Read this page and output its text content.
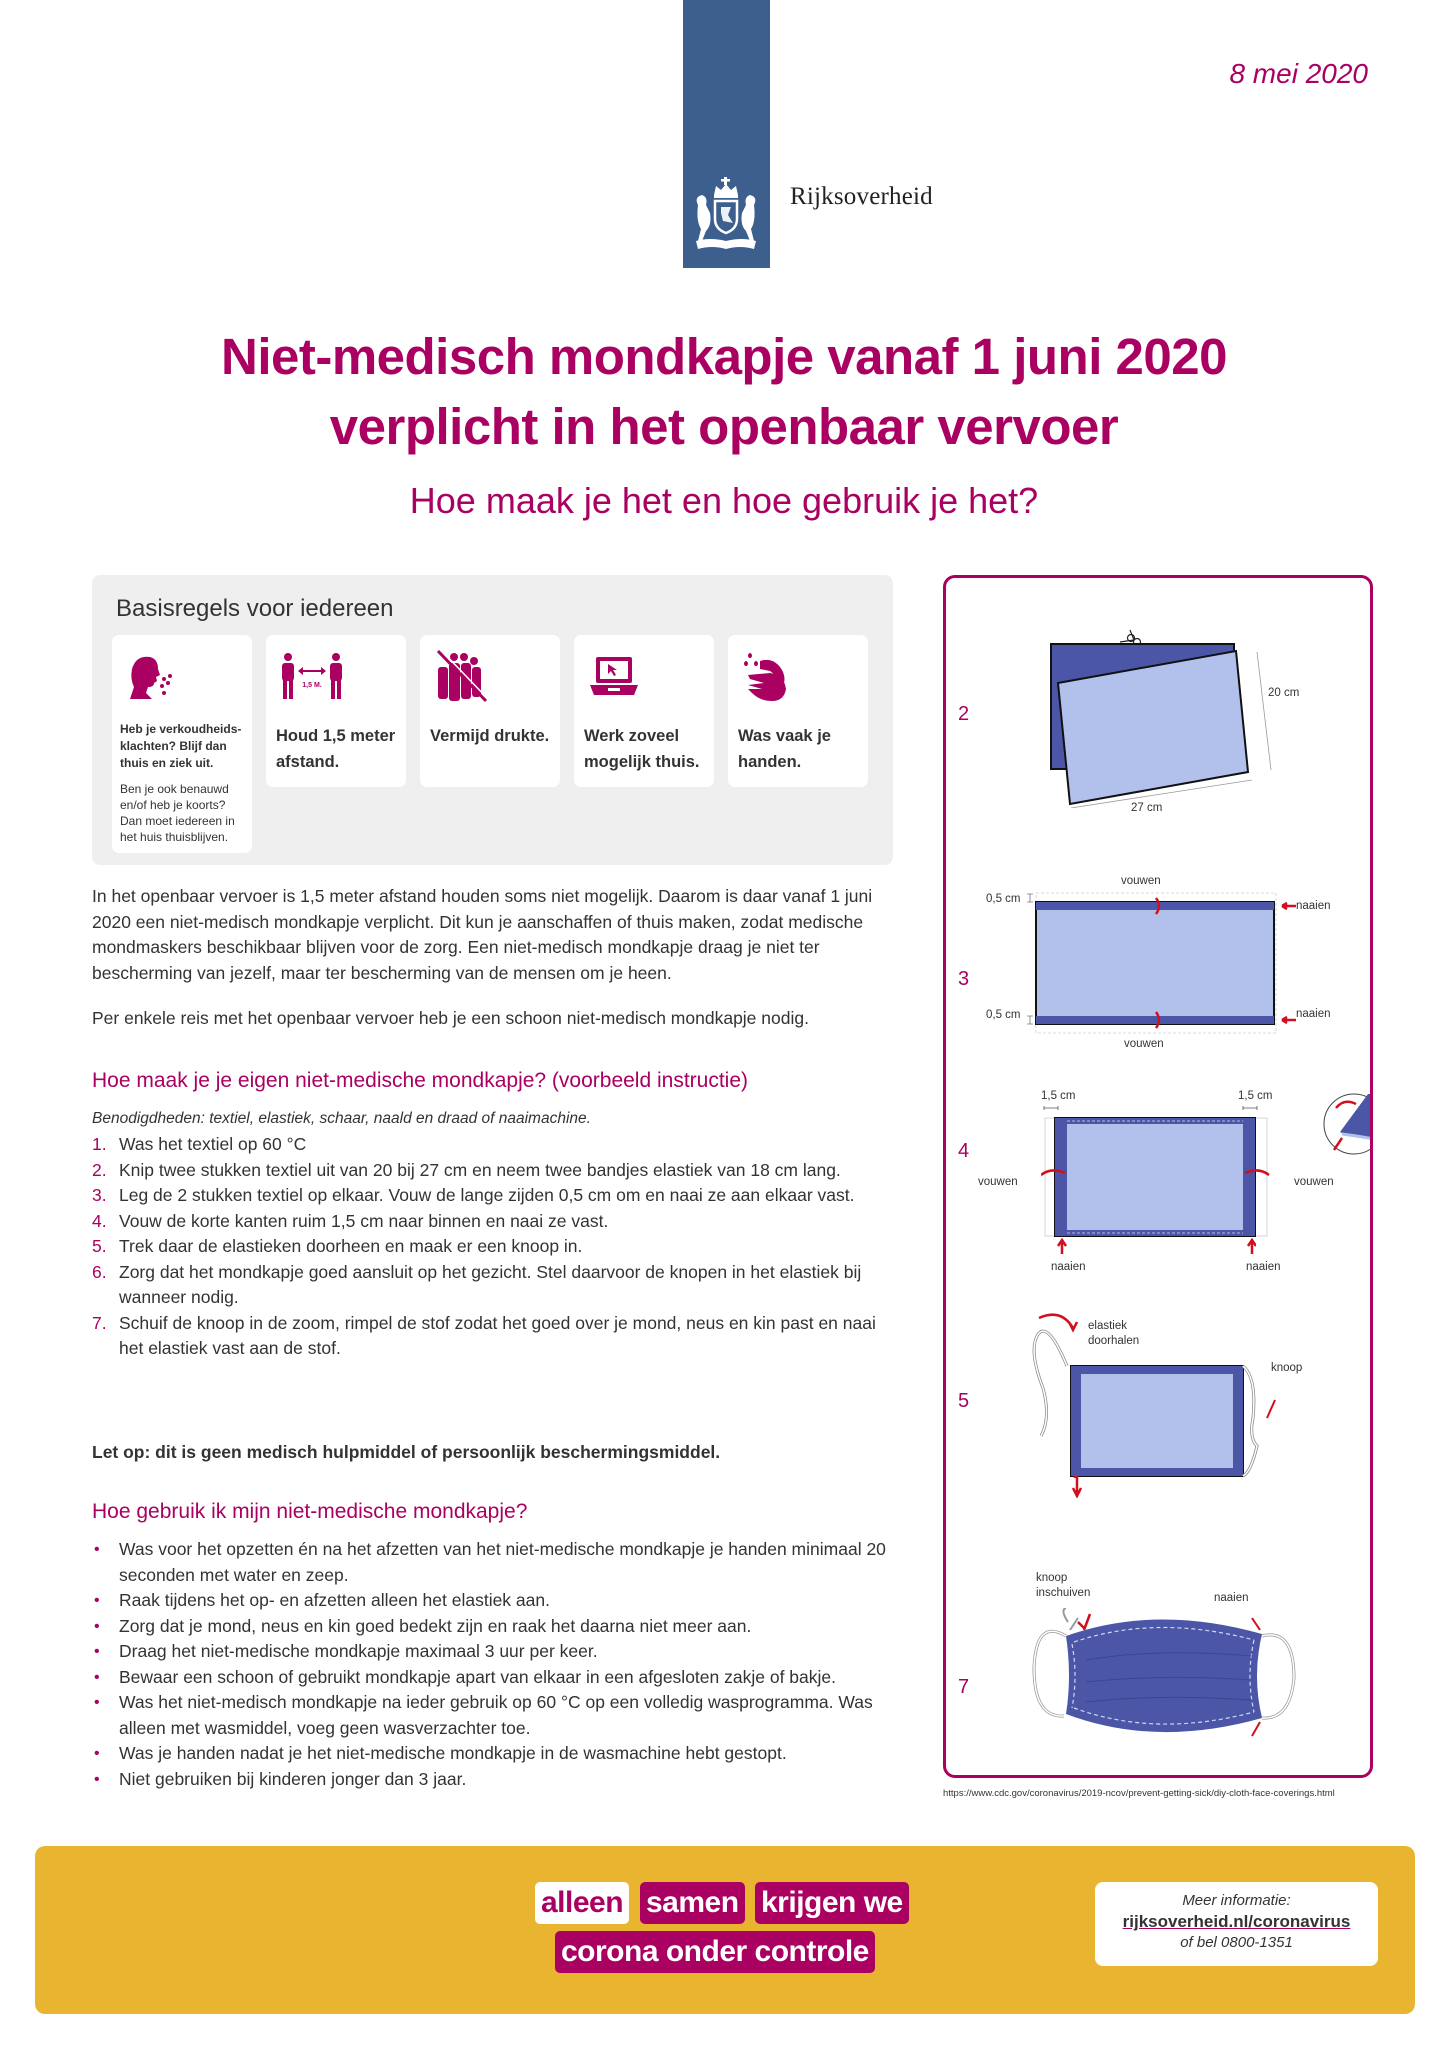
Rijksoverheid
8 mei 2020
Niet-medisch mondkapje vanaf 1 juni 2020
verplicht in het openbaar vervoer
Hoe maak je het en hoe gebruik je het?
Basisregels voor iedereen
Heb je verkoudheids-klachten? Blijf dan thuis en ziek uit.
Ben je ook benauwd en/of heb je koorts? Dan moet iedereen in het huis thuisblijven.
1,5 M.
Houd 1,5 meter afstand.
Vermijd drukte.	Werk zoveel mogelijk thuis.
Was vaak je handen.

In het openbaar vervoer is 1,5 meter afstand houden soms niet mogelijk. Daarom is daar vanaf 1 juni 2020 een niet-medisch mondkapje verplicht. Dit kun je aanschaffen of thuis maken, zodat medische mondmaskers beschikbaar blijven voor de zorg. Een niet-medisch mondkapje draag je niet ter bescherming van jezelf, maar ter bescherming van de mensen om je heen.

Per enkele reis met het openbaar vervoer heb je een schoon niet-medisch mondkapje nodig.

Hoe maak je je eigen niet-medische mondkapje? (voorbeeld instructie)
Benodigdheden: textiel, elastiek, schaar, naald en draad of naaimachine.
1. Was het textiel op 60 °C
2. Knip twee stukken textiel uit van 20 bij 27 cm en neem twee bandjes elastiek van 18 cm lang.
3. Leg de 2 stukken textiel op elkaar. Vouw de lange zijden 0,5 cm om en naai ze aan elkaar vast.
4. Vouw de korte kanten ruim 1,5 cm naar binnen en naai ze vast.
5. Trek daar de elastieken doorheen en maak er een knoop in.
6. Zorg dat het mondkapje goed aansluit op het gezicht. Stel daarvoor de knopen in het elastiek bij wanneer nodig.
7. Schuif de knoop in de zoom, rimpel de stof zodat het goed over je mond, neus en kin past en naai het elastiek vast aan de stof.
Let op: dit is geen medisch hulpmiddel of persoonlijk beschermingsmiddel.
Hoe gebruik ik mijn niet-medische mondkapje?
• Was voor het opzetten én na het afzetten van het niet-medische mondkapje je handen minimaal 20 seconden met water en zeep.
• Raak tijdens het op- en afzetten alleen het elastiek aan.
• Zorg dat je mond, neus en kin goed bedekt zijn en raak het daarna niet meer aan.
• Draag het niet-medische mondkapje maximaal 3 uur per keer.
• Bewaar een schoon of gebruikt mondkapje apart van elkaar in een afgesloten zakje of bakje.
• Was het niet-medisch mondkapje na ieder gebruik op 60 °C op een volledig wasprogramma. Was alleen met wasmiddel, voeg geen wasverzachter toe.
• Was je handen nadat je het niet-medische mondkapje in de wasmachine hebt gestopt.
• Niet gebruiken bij kinderen jonger dan 3 jaar.
2
20 cm
27 cm
vouwen
0,5 cm
naaien
3
0,5 cm	naaien
vouwen
1,5 cm	1,5 cm
4
vouwen	vouwen
naaien	naaien
elastiek
doorhalen
knoop
5
knoop
inschuiven	naaien
7
https://www.cdc.gov/coronavirus/2019-ncov/prevent-getting-sick/diy-cloth-face-coverings.html
alleen samen krijgen we
corona onder controle
Meer informatie:
rijksoverheid.nl/coronavirus
of bel 0800-1351
